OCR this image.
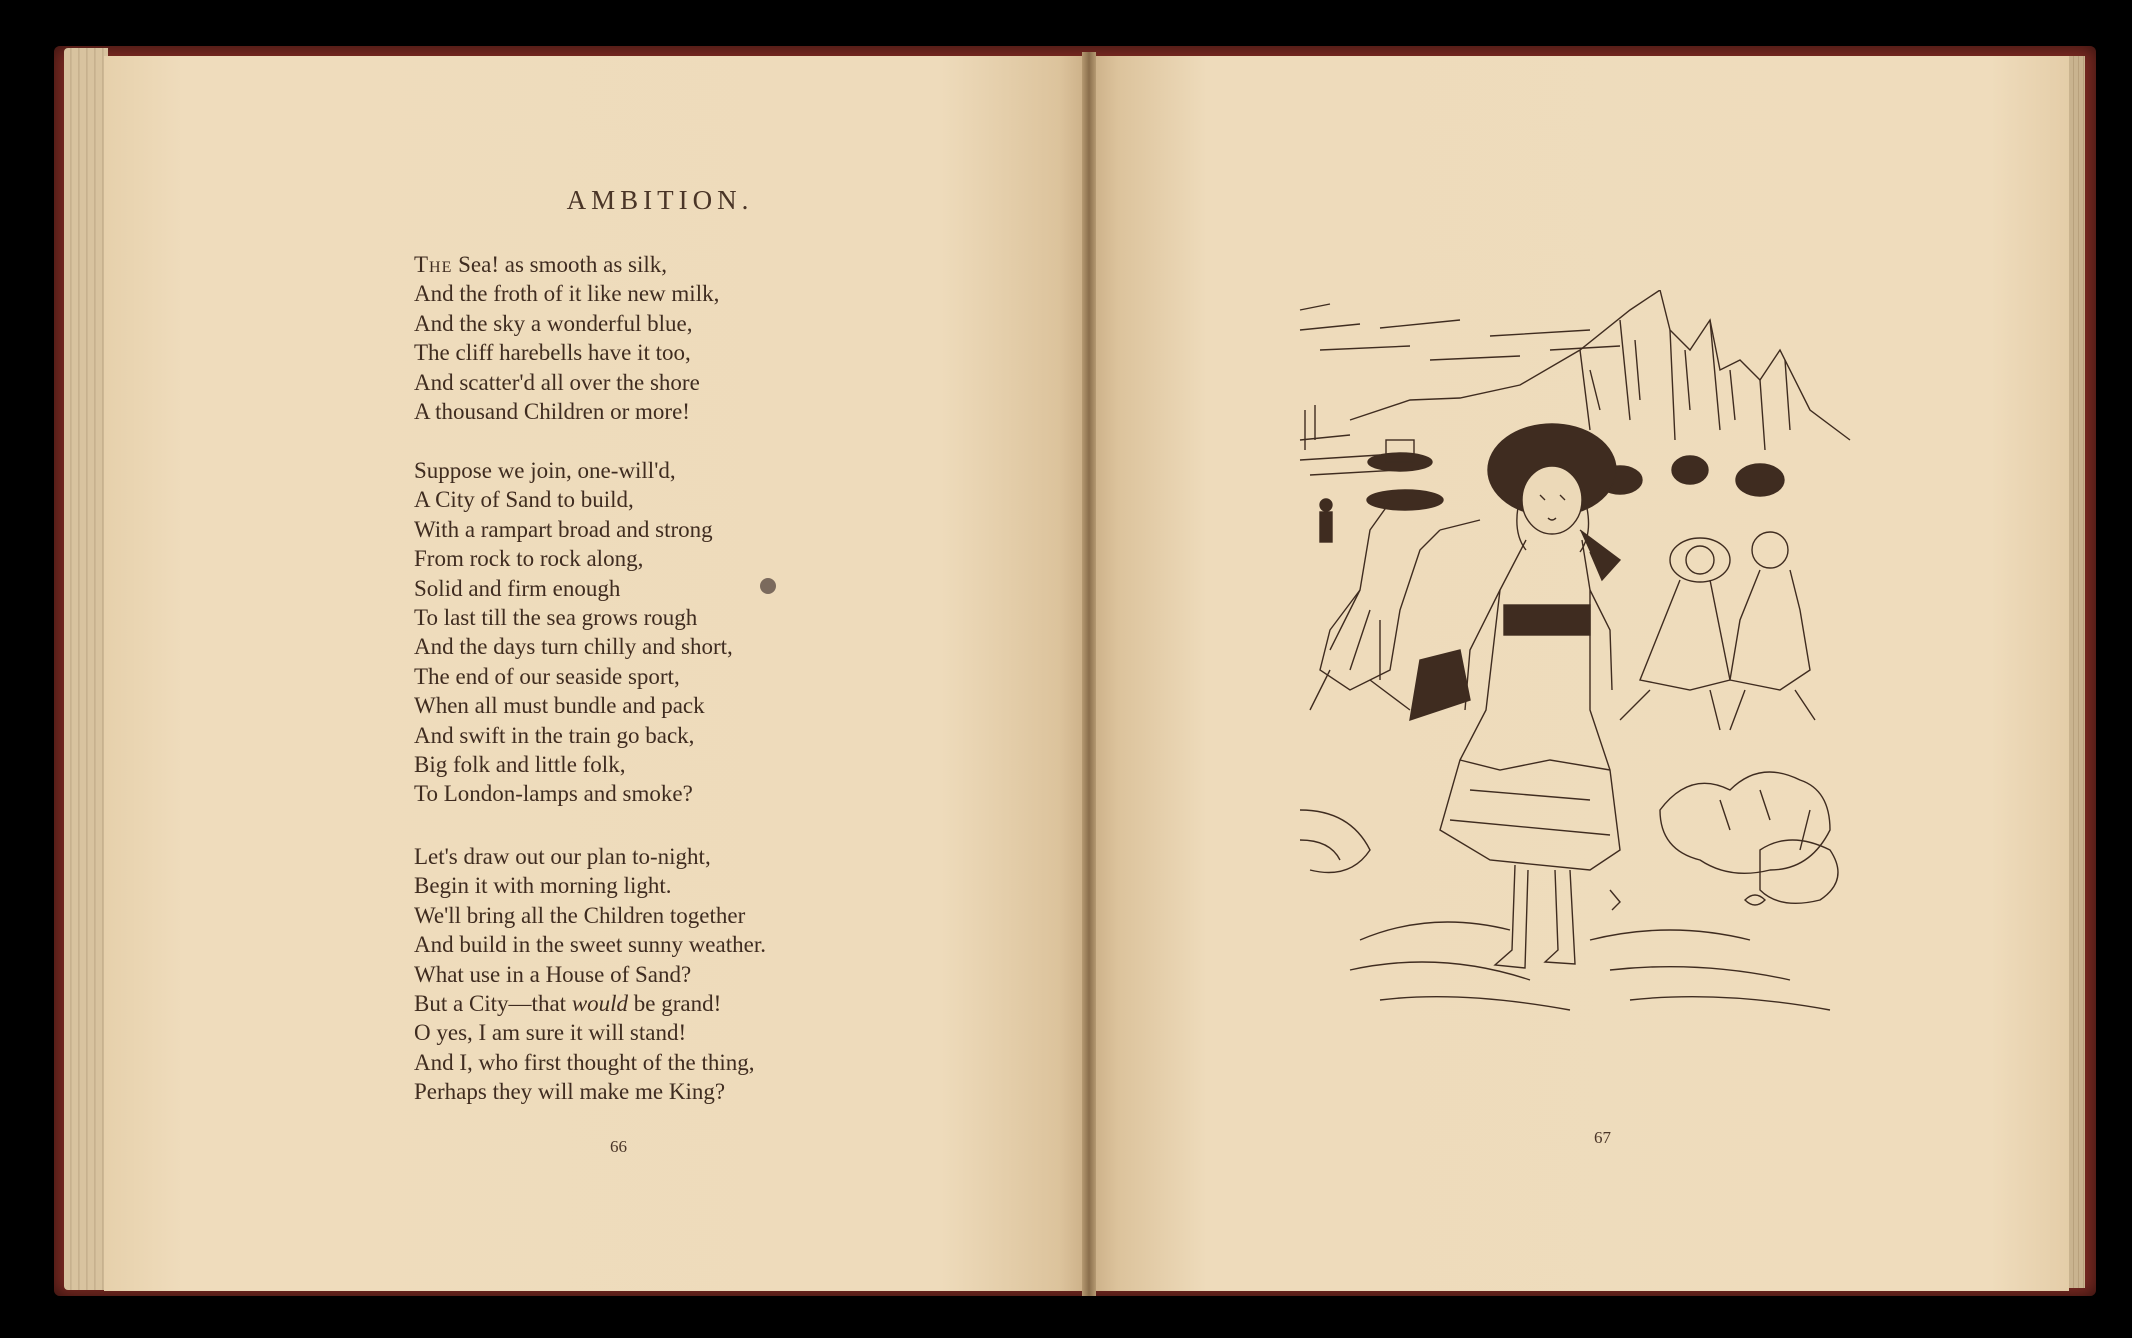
AMBITION.
The Sea! as smooth as silk,
And the froth of it like new milk,
And the sky a wonderful blue,
The cliff harebells have it too,
And scatter'd all over the shore
A thousand Children or more!
Suppose we join, one-will'd,
A City of Sand to build,
With a rampart broad and strong
From rock to rock along,
Solid and firm enough
To last till the sea grows rough
And the days turn chilly and short,
The end of our seaside sport,
When all must bundle and pack
And swift in the train go back,
Big folk and little folk,
To London-lamps and smoke?
Let's draw out our plan to-night,
Begin it with morning light.
We'll bring all the Children together
And build in the sweet sunny weather.
What use in a House of Sand?
But a City—that would be grand!
O yes, I am sure it will stand!
And I, who first thought of the thing,
Perhaps they will make me King?
66	67
